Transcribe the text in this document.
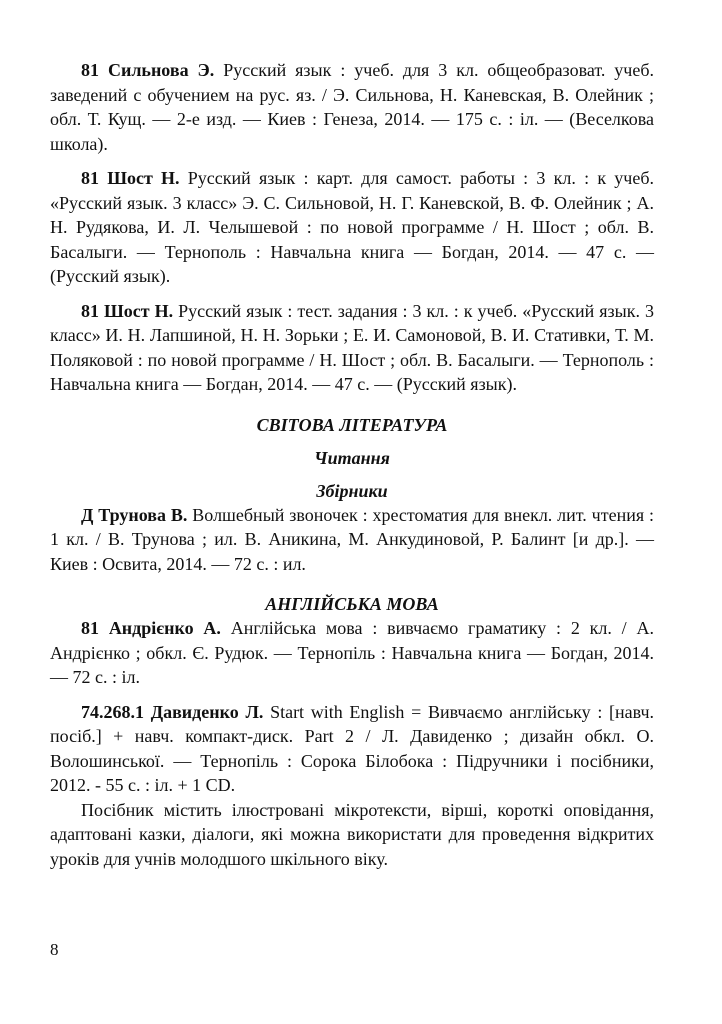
81 Сильнова Э. Русский язык : учеб. для 3 кл. общеобразоват. учеб. заведений с обучением на рус. яз. / Э. Сильнова, Н. Каневская, В. Олейник ; обл. Т. Кущ. — 2-е изд. — Киев : Генеза, 2014. — 175 с. : іл. — (Веселкова школа).

81 Шост Н. Русский язык : карт. для самост. работы : 3 кл. : к учеб. «Русский язык. 3 класс» Э. С. Сильновой, Н. Г. Каневской, В. Ф. Олейник ; А. Н. Рудякова, И. Л. Челышевой : по новой программе / Н. Шост ; обл. В. Басалыги. — Тернополь : Навчальна книга — Богдан, 2014. — 47 с. — (Русский язык).

81 Шост Н. Русский язык : тест. задания : 3 кл. : к учеб. «Русский язык. 3 класс» И. Н. Лапшиной, Н. Н. Зорьки ; Е. И. Самоновой, В. И. Стативки, Т. М. Поляковой : по новой программе / Н. Шост ; обл. В. Басалыги. — Тернополь : Навчальна книга — Богдан, 2014. — 47 с. — (Русский язык).

СВІТОВА ЛІТЕРАТУРА

Читання

Збірники

Д Трунова В. Волшебный звоночек : хрестоматия для внекл. лит. чтения : 1 кл. / В. Трунова ; ил. В. Аникина, М. Анкудиновой, Р. Балинт [и др.]. — Киев : Освита, 2014. — 72 с. : ил.

АНГЛІЙСЬКА МОВА

81 Андрієнко А. Англійська мова : вивчаємо граматику : 2 кл. / А. Андрієнко ; обкл. Є. Рудюк. — Тернопіль : Навчальна книга — Богдан, 2014. — 72 с. : іл.

74.268.1 Давиденко Л. Start with English = Вивчаємо англійську : [навч. посіб.] + навч. компакт-диск. Part 2 / Л. Давиденко ; дизайн обкл. О. Волошинської. — Тернопіль : Сорока Білобока : Підручники і посібники, 2012. - 55 с. : іл. + 1 CD.

Посібник містить ілюстровані мікротексти, вірші, короткі оповідання, адаптовані казки, діалоги, які можна використати для проведення відкритих уроків для учнів молодшого шкільного віку.

8
